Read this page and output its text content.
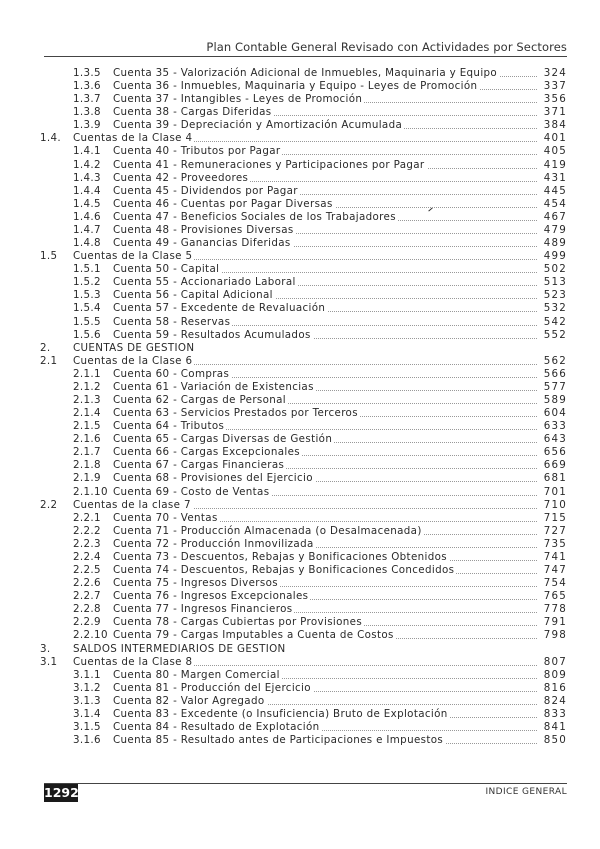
Plan Contable General Revisado con Actividades por Sectores
1.3.5 Cuenta 35 - Valorización Adicional de Inmuebles, Maquinaria y Equipo	324
1.3.6 Cuenta 36 - Inmuebles, Maquinaria y Equipo - Leyes de Promoción	337
1.3.7 Cuenta 37 - Intangibles - Leyes de Promoción	356
1.3.8 Cuenta 38 - Cargas Diferidas	371
1.3.9 Cuenta 39 - Depreciación y Amortización Acumulada	384
1.4. Cuentas de la Clase 4	401
1.4.1 Cuenta 40 - Tributos por Pagar	405
1.4.2 Cuenta 41 - Remuneraciones y Participaciones por Pagar	419
1.4.3 Cuenta 42 - Proveedores	431
1.4.4 Cuenta 45 - Dividendos por Pagar	445
1.4.5 Cuenta 46 - Cuentas por Pagar Diversas	454
1.4.6 Cuenta 47 - Beneficios Sociales de los Trabajadores	467
1.4.7 Cuenta 48 - Provisiones Diversas	479
1.4.8 Cuenta 49 - Ganancias Diferidas	489
1.5 Cuentas de la Clase 5	499
1.5.1 Cuenta 50 - Capital	502
1.5.2 Cuenta 55 - Accionariado Laboral	513
1.5.3 Cuenta 56 - Capital Adicional	523
1.5.4 Cuenta 57 - Excedente de Revaluación	532
1.5.5 Cuenta 58 - Reservas	542
1.5.6 Cuenta 59 - Resultados Acumulados	552
2. CUENTAS DE GESTION
2.1 Cuentas de la Clase 6	562
2.1.1 Cuenta 60 - Compras	566
2.1.2 Cuenta 61 - Variación de Existencias	577
2.1.3 Cuenta 62 - Cargas de Personal	589
2.1.4 Cuenta 63 - Servicios Prestados por Terceros	604
2.1.5 Cuenta 64 - Tributos	633
2.1.6 Cuenta 65 - Cargas Diversas de Gestión	643
2.1.7 Cuenta 66 - Cargas Excepcionales	656
2.1.8 Cuenta 67 - Cargas Financieras	669
2.1.9 Cuenta 68 - Provisiones del Ejercicio	681
2.1.10 Cuenta 69 - Costo de Ventas	701
2.2 Cuentas de la clase 7	710
2.2.1 Cuenta 70 - Ventas	715
2.2.2 Cuenta 71 - Producción Almacenada (o Desalmacenada)	727
2.2.3 Cuenta 72 - Producción Inmovilizada	735
2.2.4 Cuenta 73 - Descuentos, Rebajas y Bonificaciones Obtenidos	741
2.2.5 Cuenta 74 - Descuentos, Rebajas y Bonificaciones Concedidos	747
2.2.6 Cuenta 75 - Ingresos Diversos	754
2.2.7 Cuenta 76 - Ingresos Excepcionales	765
2.2.8 Cuenta 77 - Ingresos Financieros	778
2.2.9 Cuenta 78 - Cargas Cubiertas por Provisiones	791
2.2.10 Cuenta 79 - Cargas Imputables a Cuenta de Costos	798
3. SALDOS INTERMEDIARIOS DE GESTION
3.1 Cuentas de la Clase 8	807
3.1.1 Cuenta 80 - Margen Comercial	809
3.1.2 Cuenta 81 - Producción del Ejercicio	816
3.1.3 Cuenta 82 - Valor Agregado	824
3.1.4 Cuenta 83 - Excedente (o Insuficiencia) Bruto de Explotación	833
3.1.5 Cuenta 84 - Resultado de Explotación	841
3.1.6 Cuenta 85 - Resultado antes de Participaciones e Impuestos	850
1292	INDICE GENERAL
